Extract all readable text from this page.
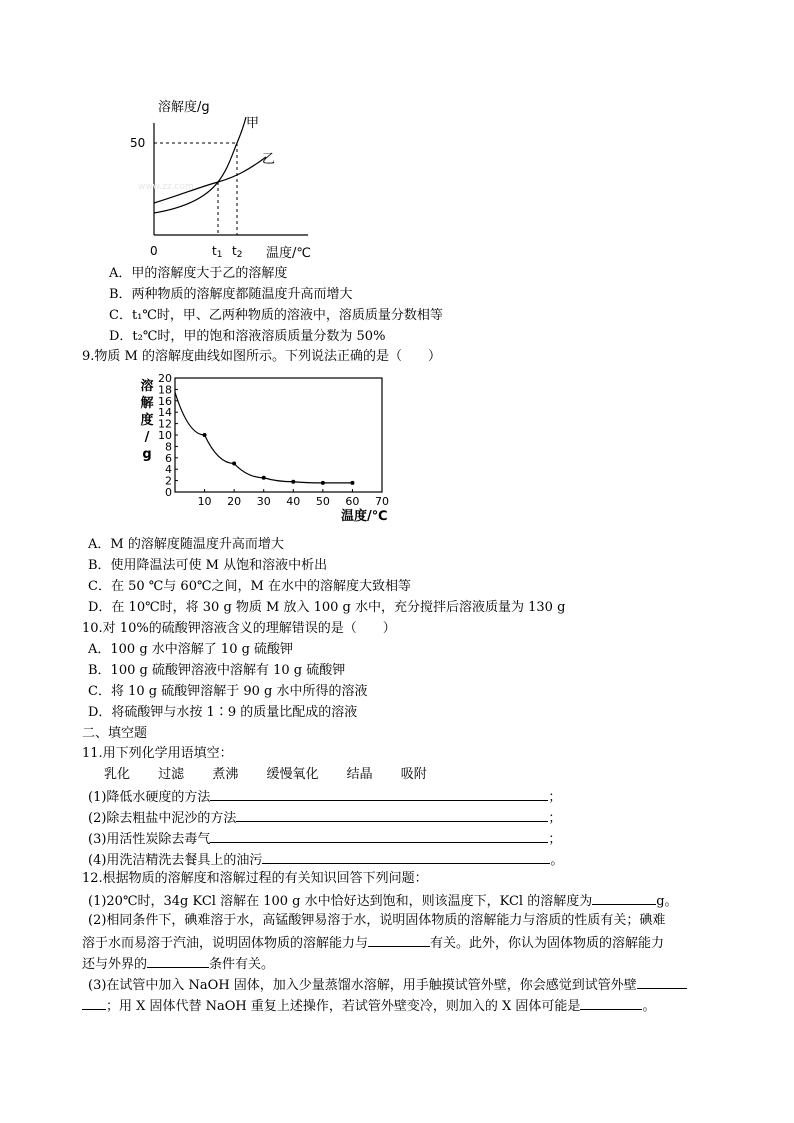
溶解度/g
50
甲
乙
www.zz.com
0	t1 t2 温度/℃
A．甲的溶解度大于乙的溶解度
B．两种物质的溶解度都随温度升高而增大
C．t₁℃时，甲、乙两种物质的溶液中，溶质质量分数相等
D．t₂℃时，甲的饱和溶液溶质质量分数为 50%
9.物质 M 的溶解度曲线如图所示。下列说法正确的是（　　）
0
2
4
6
8
10
12
14
16
18
20
10 20 30 40 50 60 70
溶
解
度
/
g
温度/℃
A．M 的溶解度随温度升高而增大
B．使用降温法可使 M 从饱和溶液中析出
C．在 50 ℃与 60℃之间，M 在水中的溶解度大致相等
D．在 10℃时，将 30 g 物质 M 放入 100 g 水中，充分搅拌后溶液质量为 130 g
10.对 10%的硫酸钾溶液含义的理解错误的是（　　）
A．100 g 水中溶解了 10 g 硫酸钾
B．100 g 硫酸钾溶液中溶解有 10 g 硫酸钾
C．将 10 g 硫酸钾溶解于 90 g 水中所得的溶液
D．将硫酸钾与水按 1∶9 的质量比配成的溶液
二、填空题
11.用下列化学用语填空：
乳化 过滤 煮沸 缓慢氧化 结晶 吸附
(1)降低水硬度的方法	；
(2)除去粗盐中泥沙的方法	；
(3)用活性炭除去毒气	；
(4)用洗洁精洗去餐具上的油污	。
12.根据物质的溶解度和溶解过程的有关知识回答下列问题：
(1)20℃时，34g KCl 溶解在 100 g 水中恰好达到饱和，则该温度下，KCl 的溶解度为	g。
(2)相同条件下，碘难溶于水，高锰酸钾易溶于水，说明固体物质的溶解能力与溶质的性质有关；碘难
溶于水而易溶于汽油，说明固体物质的溶解能力与	有关。此外，你认为固体物质的溶解能力
还与外界的	条件有关。
(3)在试管中加入 NaOH 固体，加入少量蒸馏水溶解，用手触摸试管外壁，你会感觉到试管外壁
；用 X 固体代替 NaOH 重复上述操作，若试管外壁变冷，则加入的 X 固体可能是	。
